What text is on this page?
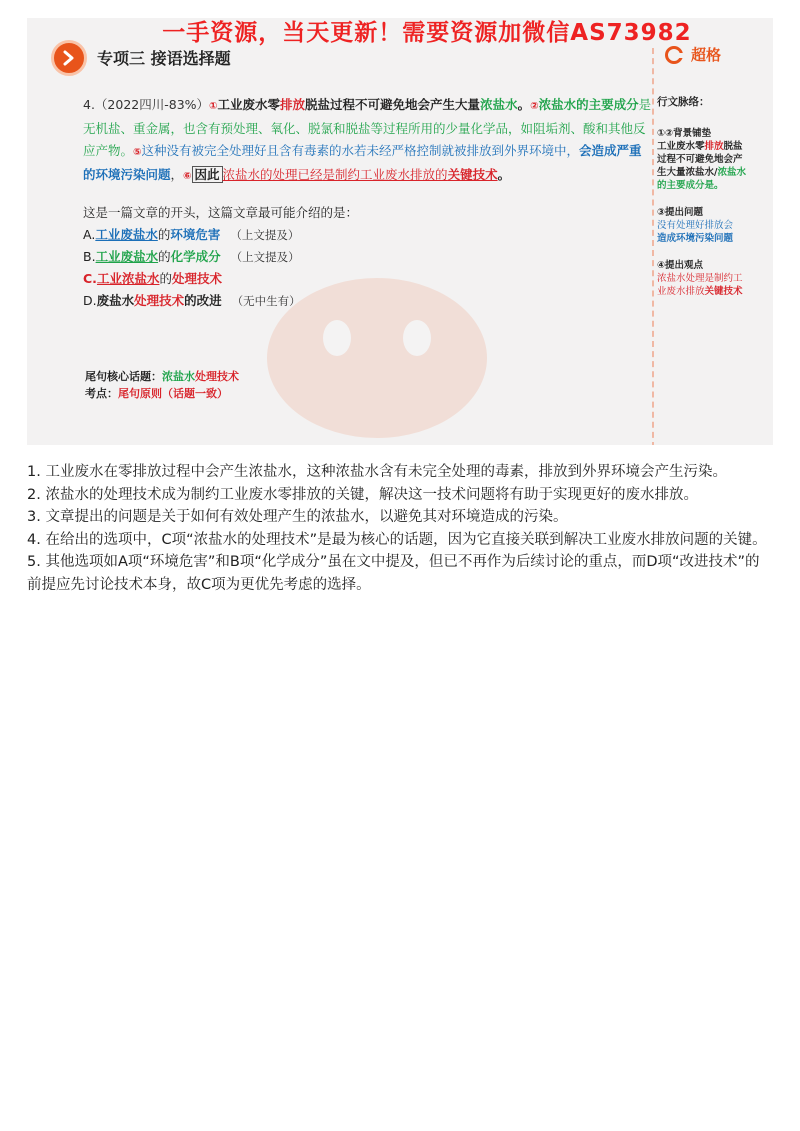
一手资源，当天更新！需要资源加微信AS73982
专项三 接语选择题	超格

4.（2022四川-83%）①工业废水零排放脱盐过程不可避免地会产生大量浓盐水。②浓盐水的主要成分是无机盐、重金属，也含有预处理、氧化、脱氯和脱盐等过程所用的少量化学品，如阻垢剂、酸和其他反应产物。⑤这种没有被完全处理好且含有毒素的水若未经严格控制就被排放到外界环境中，会造成严重的环境污染问题，⑥ 因此 浓盐水的处理已经是制约工业废水排放的关键技术。

这是一篇文章的开头，这篇文章最可能介绍的是：
A.工业废盐水的环境危害 （上文提及）
B.工业废盐水的化学成分 （上文提及）
C.工业浓盐水的处理技术
D.废盐水处理技术的改进 （无中生有）
尾句核心话题：浓盐水处理技术
考点：尾句原则（话题一致）
行文脉络：
①②背景铺垫
工业废水零排放脱盐
过程不可避免地会产
生大量浓盐水/浓盐水
的主要成分是。
③提出问题
没有处理好排放会
造成环境污染问题
④提出观点
浓盐水处理是制约工
业废水排放关键技术

1. 工业废水在零排放过程中会产生浓盐水，这种浓盐水含有未完全处理的毒素，排放到外界环境会产生污染。

2. 浓盐水的处理技术成为制约工业废水零排放的关键，解决这一技术问题将有助于实现更好的废水排放。

3. 文章提出的问题是关于如何有效处理产生的浓盐水，以避免其对环境造成的污染。

4. 在给出的选项中，C项“浓盐水的处理技术”是最为核心的话题，因为它直接关联到解决工业废水排放问题的关键。

5. 其他选项如A项“环境危害”和B项“化学成分”虽在文中提及，但已不再作为后续讨论的重点，而D项“改进技术”的前提应先讨论技术本身，故C项为更优先考虑的选择。
